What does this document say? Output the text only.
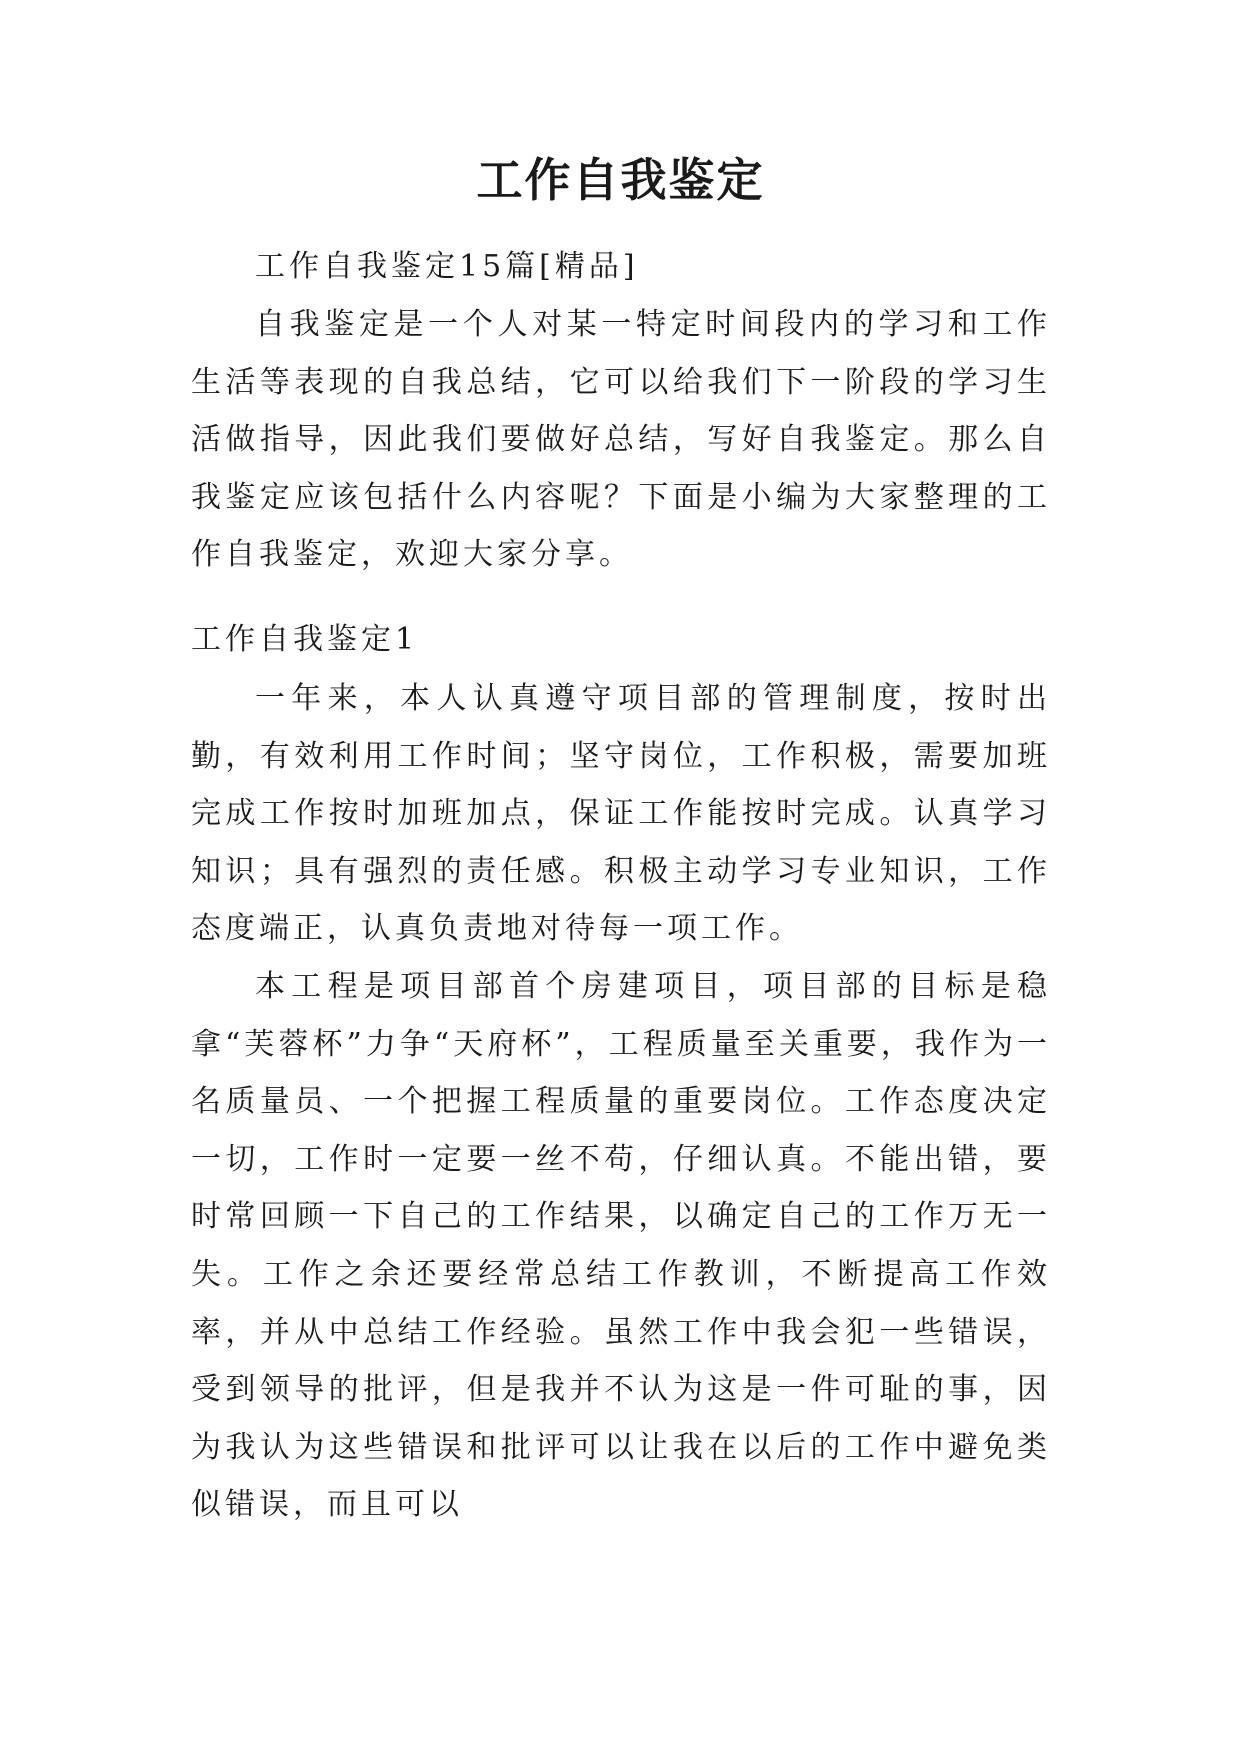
工作自我鉴定

工作自我鉴定15篇[精品]

自我鉴定是一个人对某一特定时间段内的学习和工作生活等表现的自我总结，它可以给我们下一阶段的学习生活做指导，因此我们要做好总结，写好自我鉴定。那么自我鉴定应该包括什么内容呢？下面是小编为大家整理的工作自我鉴定，欢迎大家分享。

工作自我鉴定1

一年来，本人认真遵守项目部的管理制度，按时出勤，有效利用工作时间；坚守岗位，工作积极，需要加班完成工作按时加班加点，保证工作能按时完成。认真学习知识；具有强烈的责任感。积极主动学习专业知识，工作态度端正，认真负责地对待每一项工作。

本工程是项目部首个房建项目，项目部的目标是稳拿“芙蓉杯”力争“天府杯”，工程质量至关重要，我作为一名质量员、一个把握工程质量的重要岗位。工作态度决定一切，工作时一定要一丝不苟，仔细认真。不能出错，要时常回顾一下自己的工作结果，以确定自己的工作万无一失。工作之余还要经常总结工作教训，不断提高工作效率，并从中总结工作经验。虽然工作中我会犯一些错误，受到领导的批评，但是我并不认为这是一件可耻的事，因为我认为这些错误和批评可以让我在以后的工作中避免类似错误，而且可以
